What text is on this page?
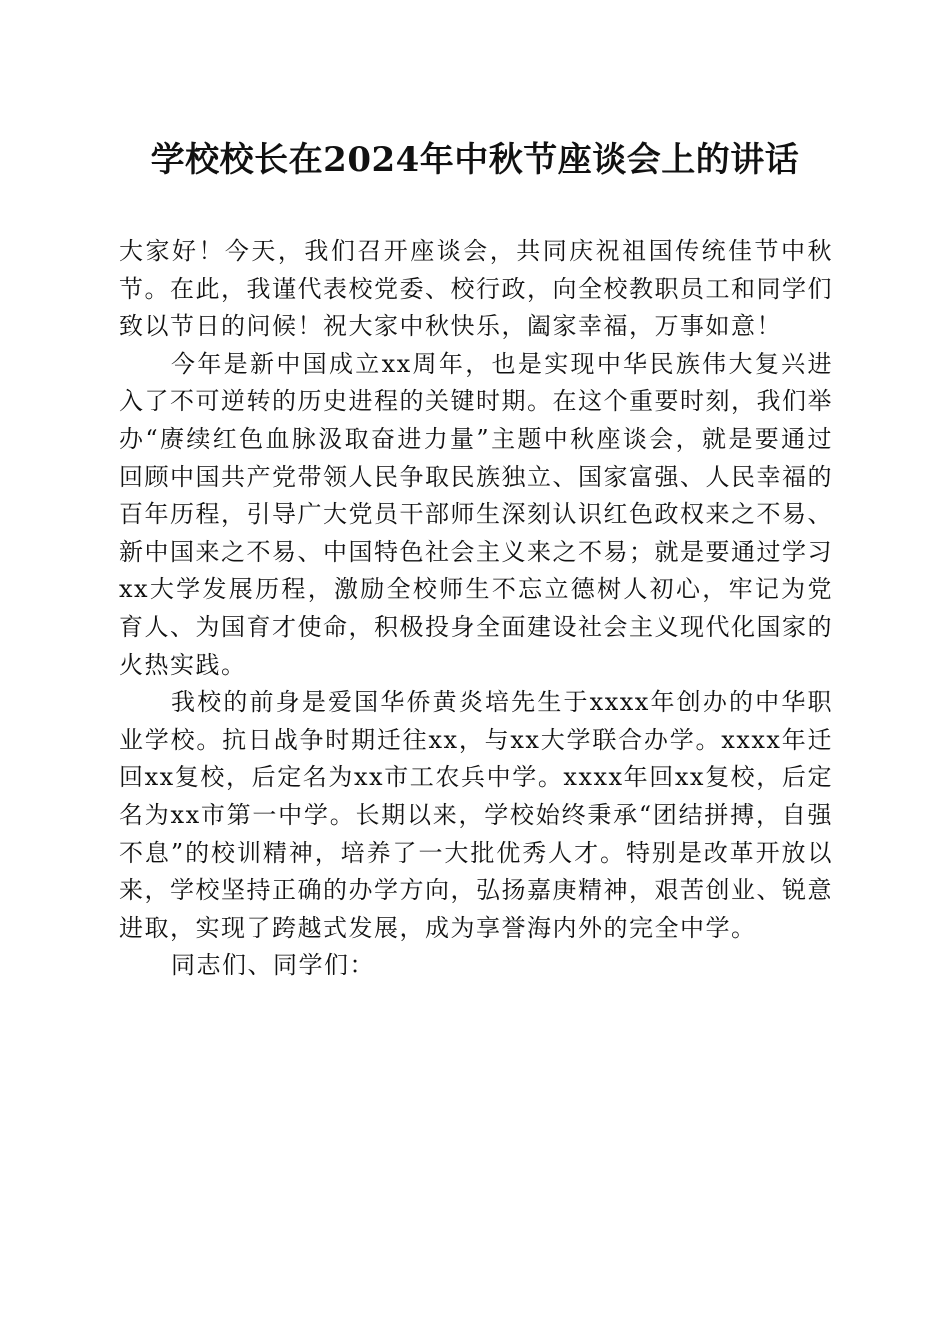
学校校长在2024年中秋节座谈会上的讲话

大家好！今天，我们召开座谈会，共同庆祝祖国传统佳节中秋节。在此，我谨代表校党委、校行政，向全校教职员工和同学们致以节日的问候！祝大家中秋快乐，阖家幸福，万事如意！

今年是新中国成立xx周年，也是实现中华民族伟大复兴进入了不可逆转的历史进程的关键时期。在这个重要时刻，我们举办“赓续红色血脉汲取奋进力量”主题中秋座谈会，就是要通过回顾中国共产党带领人民争取民族独立、国家富强、人民幸福的百年历程，引导广大党员干部师生深刻认识红色政权来之不易、新中国来之不易、中国特色社会主义来之不易；就是要通过学习xx大学发展历程，激励全校师生不忘立德树人初心，牢记为党育人、为国育才使命，积极投身全面建设社会主义现代化国家的火热实践。

我校的前身是爱国华侨黄炎培先生于xxxx年创办的中华职业学校。抗日战争时期迁往xx，与xx大学联合办学。xxxx年迁回xx复校，后定名为xx市工农兵中学。xxxx年回xx复校，后定名为xx市第一中学。长期以来，学校始终秉承“团结拼搏，自强不息”的校训精神，培养了一大批优秀人才。特别是改革开放以来，学校坚持正确的办学方向，弘扬嘉庚精神，艰苦创业、锐意进取，实现了跨越式发展，成为享誉海内外的完全中学。

同志们、同学们：
